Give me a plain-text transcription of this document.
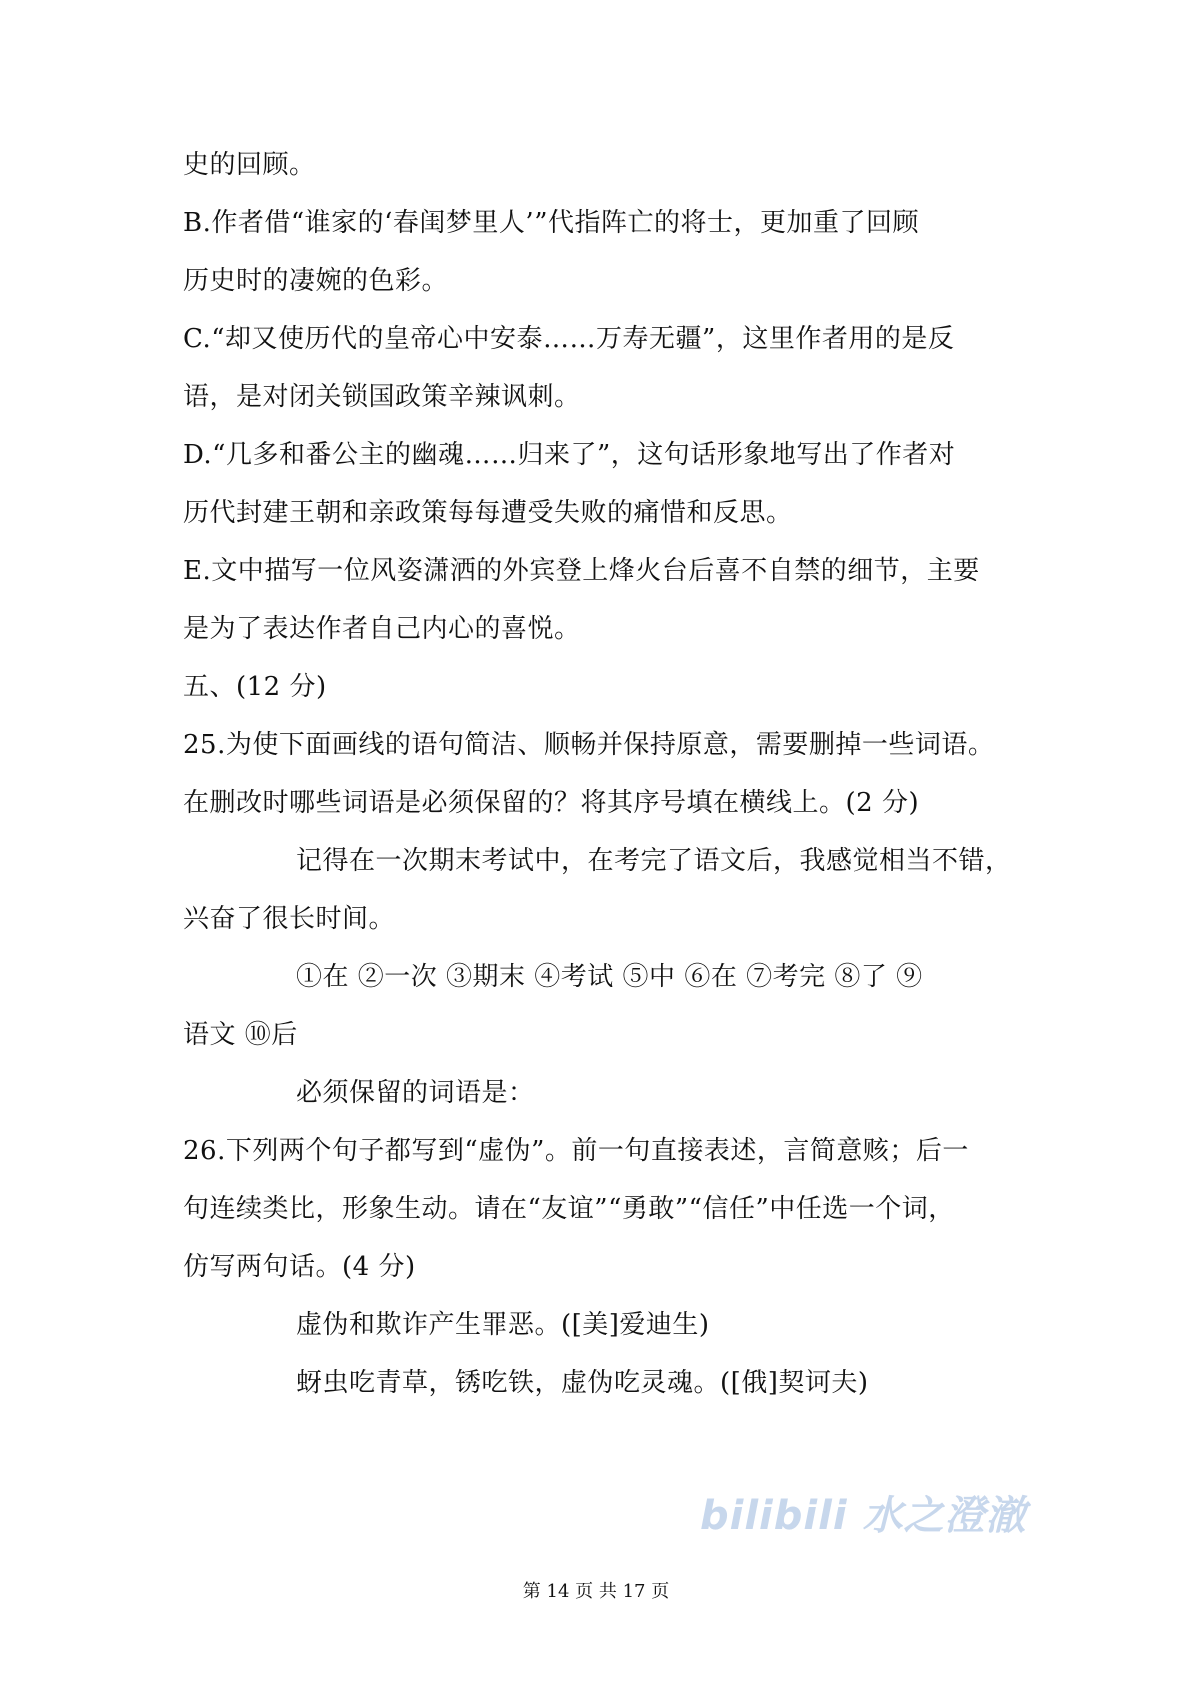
史的回顾。
B.作者借“谁家的‘春闺梦里人’”代指阵亡的将士，更加重了回顾
历史时的凄婉的色彩。
C.“却又使历代的皇帝心中安泰……万寿无疆”，这里作者用的是反
语，是对闭关锁国政策辛辣讽刺。
D.“几多和番公主的幽魂……归来了”，这句话形象地写出了作者对
历代封建王朝和亲政策每每遭受失败的痛惜和反思。
E.文中描写一位风姿潇洒的外宾登上烽火台后喜不自禁的细节，主要
是为了表达作者自己内心的喜悦。
五、(12 分)
25.为使下面画线的语句简洁、顺畅并保持原意，需要删掉一些词语。
在删改时哪些词语是必须保留的？将其序号填在横线上。(2 分)
记得在一次期末考试中，在考完了语文后，我感觉相当不错，
兴奋了很长时间。
①在 ②一次 ③期末 ④考试 ⑤中 ⑥在 ⑦考完 ⑧了 ⑨
语文 ⑩后
必须保留的词语是：
26.下列两个句子都写到“虚伪”。前一句直接表述，言简意赅；后一
句连续类比，形象生动。请在“友谊”“勇敢”“信任”中任选一个词，
仿写两句话。(4 分)
虚伪和欺诈产生罪恶。([美]爱迪生)
蚜虫吃青草，锈吃铁，虚伪吃灵魂。([俄]契诃夫)
bilibili 水之澄澈
第 14 页 共 17 页
